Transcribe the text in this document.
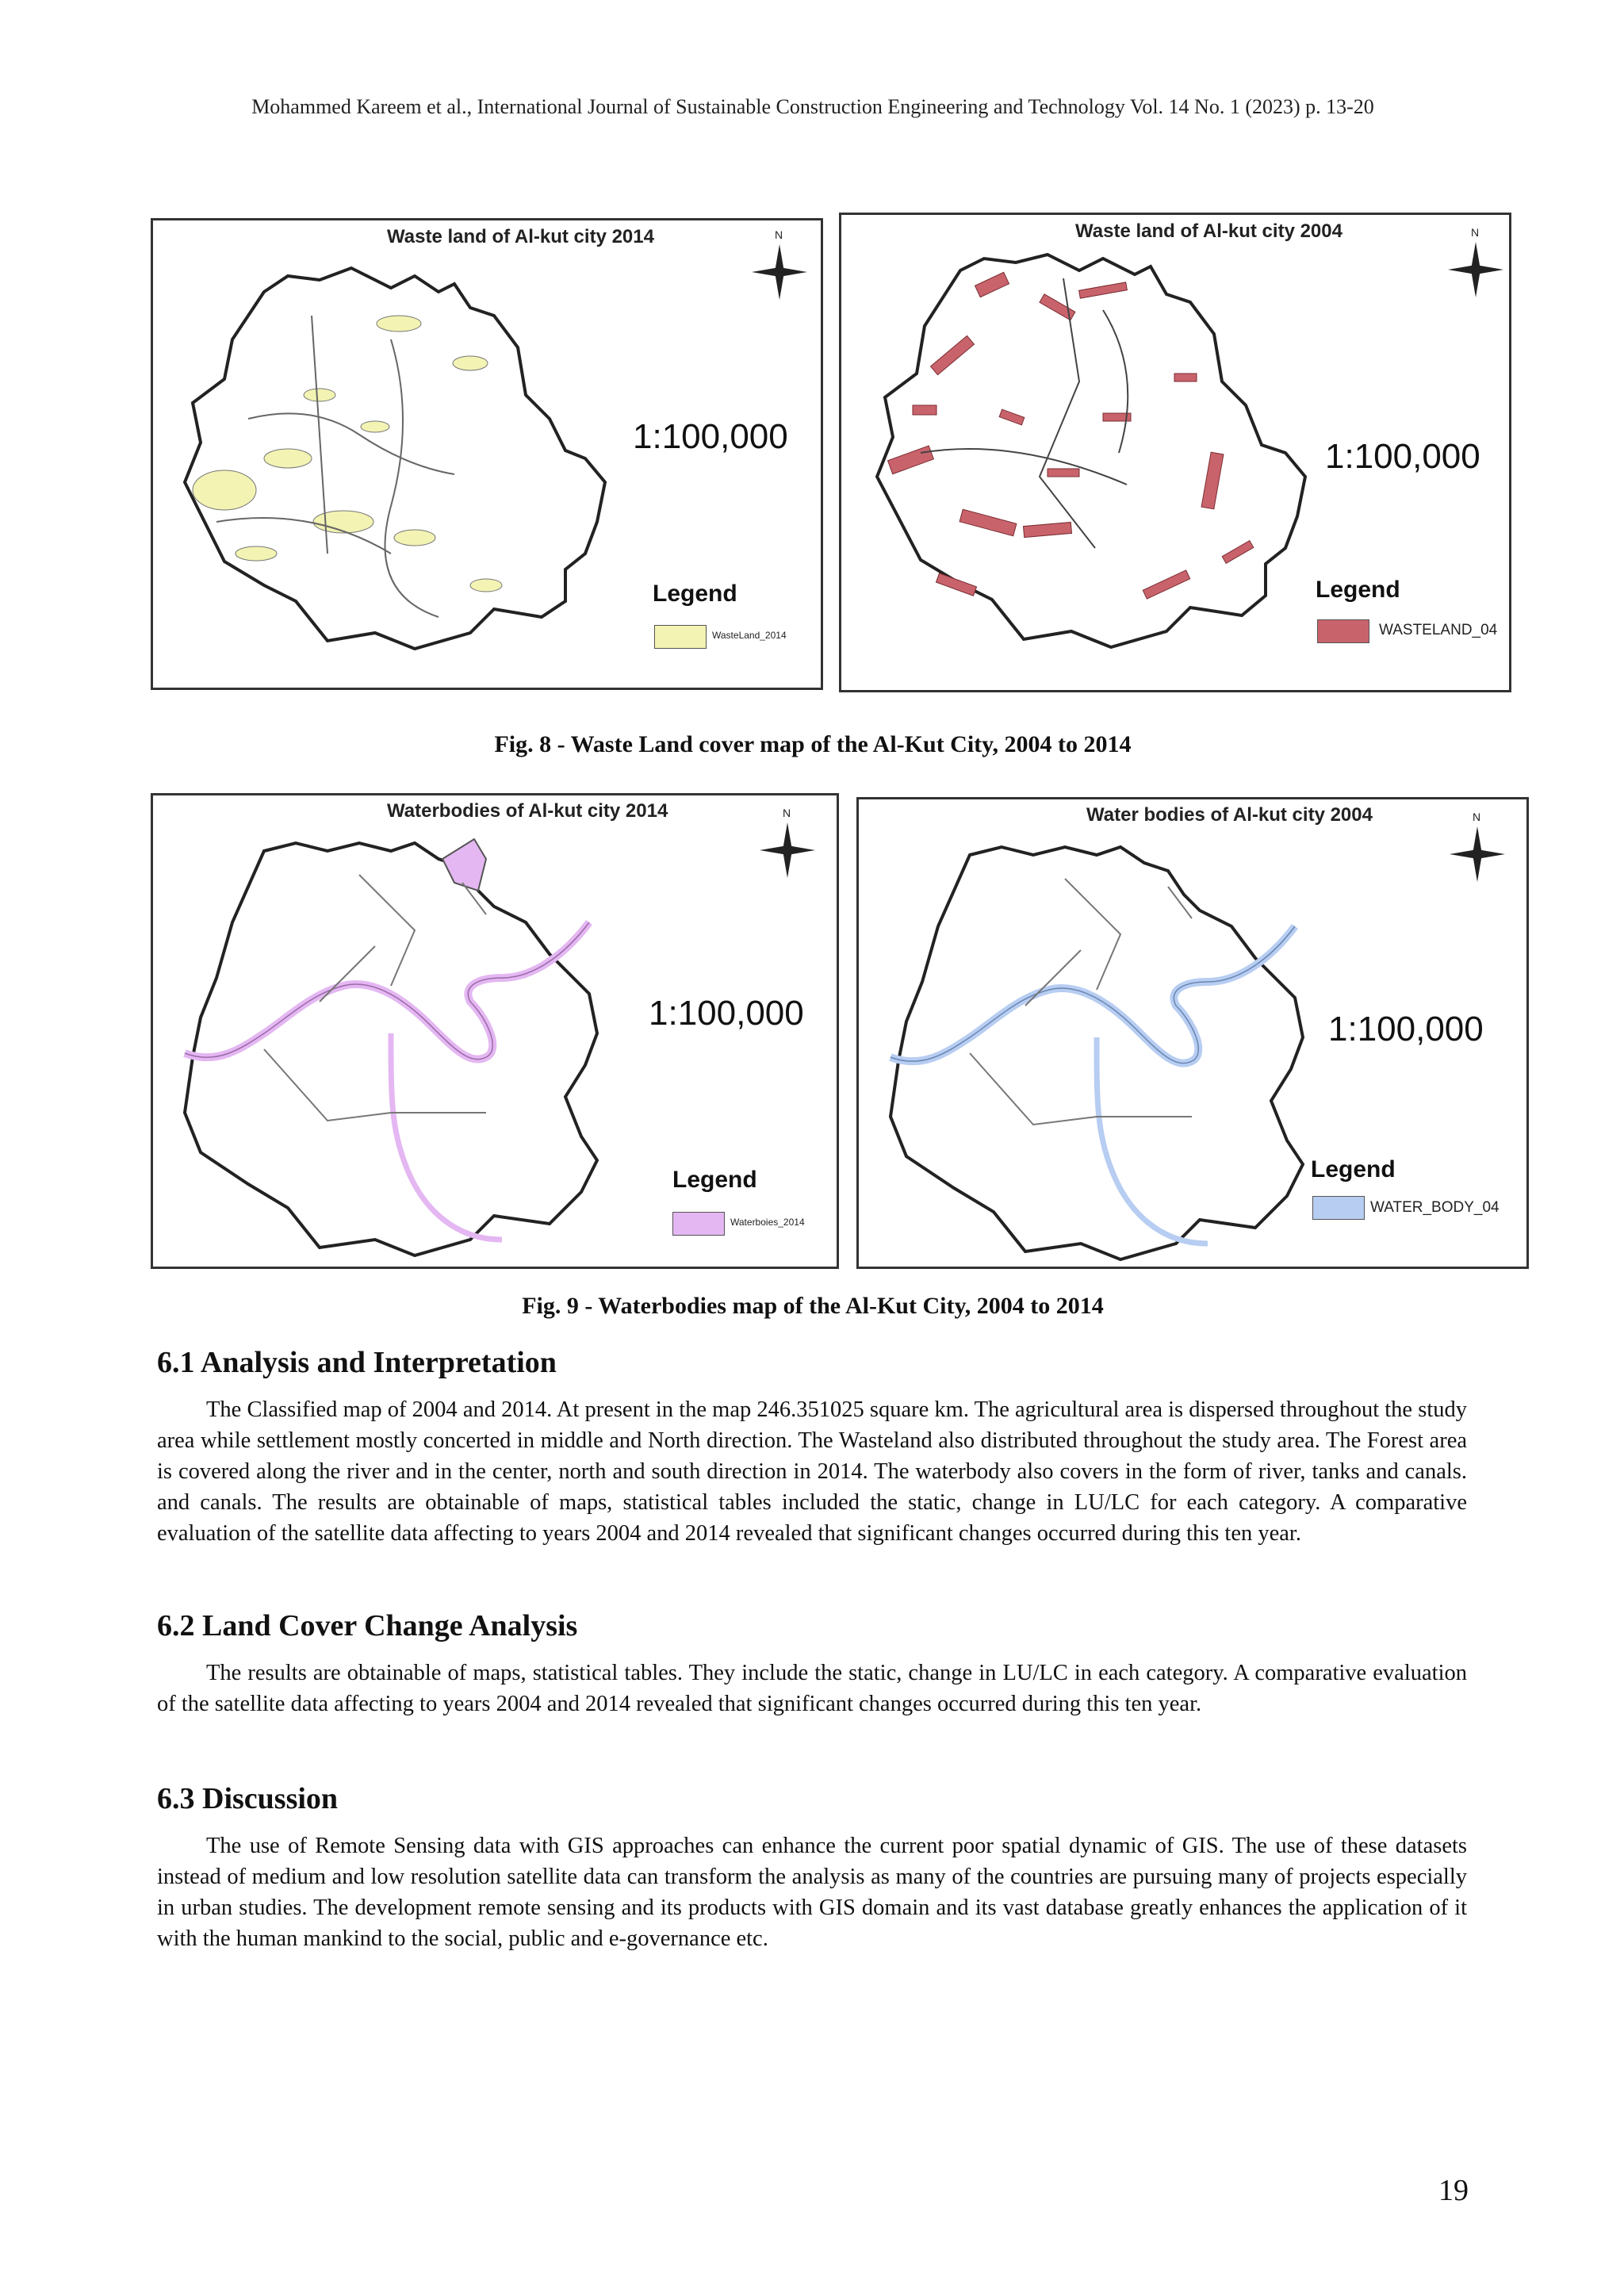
Mohammed Kareem et al., International Journal of Sustainable Construction Engineering and Technology Vol. 14 No. 1 (2023) p. 13-20
Waste land of Al-kut city 2014	N
1:100,000
Legend
WasteLand_2014
Waste land of Al-kut city 2004	N
1:100,000
Legend
WASTELAND_04
Fig. 8 - Waste Land cover map of the Al-Kut City, 2004 to 2014
Waterbodies of Al-kut city 2014	N
1:100,000
Legend
Waterboies_2014
Water bodies of Al-kut city 2004	N
1:100,000
Legend
WATER_BODY_04
Fig. 9 - Waterbodies map of the Al-Kut City, 2004 to 2014
6.1 Analysis and Interpretation

The Classified map of 2004 and 2014. At present in the map 246.351025 square km. The agricultural area is dispersed throughout the study area while settlement mostly concerted in middle and North direction. The Wasteland also distributed throughout the study area. The Forest area is covered along the river and in the center, north and south direction in 2014. The waterbody also covers in the form of river, tanks and canals. and canals. The results are obtainable of maps, statistical tables included the static, change in LU/LC for each category. A comparative evaluation of the satellite data affecting to years 2004 and 2014 revealed that significant changes occurred during this ten year.

6.2 Land Cover Change Analysis

The results are obtainable of maps, statistical tables. They include the static, change in LU/LC in each category. A comparative evaluation of the satellite data affecting to years 2004 and 2014 revealed that significant changes occurred during this ten year.

6.3 Discussion

The use of Remote Sensing data with GIS approaches can enhance the current poor spatial dynamic of GIS. The use of these datasets instead of medium and low resolution satellite data can transform the analysis as many of the countries are pursuing many of projects especially in urban studies. The development remote sensing and its products with GIS domain and its vast database greatly enhances the application of it with the human mankind to the social, public and e-governance etc.

19
